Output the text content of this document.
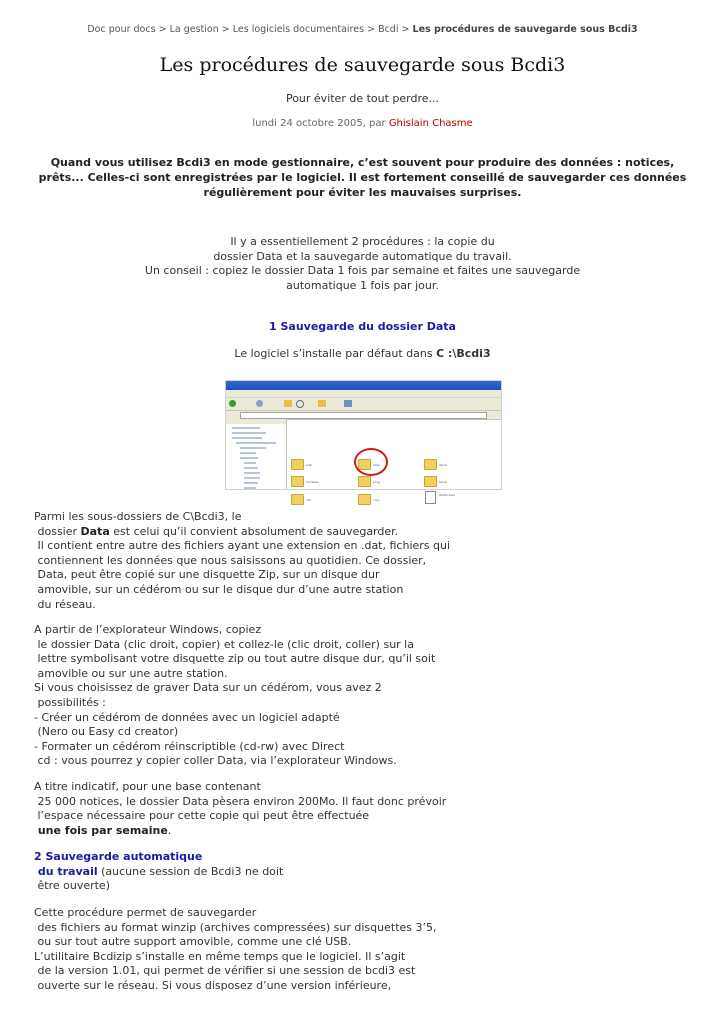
Doc pour docs > La gestion > Les logiciels documentaires > Bcdi > Les procédures de sauvegarde sous Bcdi3
Les procédures de sauvegarde sous Bcdi3
Pour éviter de tout perdre...
lundi 24 octobre 2005, par Ghislain Chasme
Quand vous utilisez Bcdi3 en mode gestionnaire, c’est souvent pour produire des données : notices, prêts... Celles-ci sont enregistrées par le logiciel. Il est fortement conseillé de sauvegarder ces données régulièrement pour éviter les mauvaises surprises.
Il y a essentiellement 2 procédures : la copie du
dossier Data et la sauvegarde automatique du travail.
Un conseil : copiez le dossier Data 1 fois par semaine et faites une sauvegarde
automatique 1 fois par jour.
1 Sauvegarde du dossier Data
Le logiciel s’installe par défaut dans C :\Bcdi3
adb	data	dems
modeles	prog	temp
util	vrac
Outils Ines
Parmi les sous-dossiers de C\Bcdi3, le
dossier Data est celui qu’il convient absolument de sauvegarder.
Il contient entre autre des fichiers ayant une extension en .dat, fichiers qui
contiennent les données que nous saisissons au quotidien. Ce dossier,
Data, peut être copié sur une disquette Zip, sur un disque dur
amovible, sur un cédérom ou sur le disque dur d’une autre station
du réseau.
A partir de l’explorateur Windows, copiez
le dossier Data (clic droit, copier) et collez-le (clic droit, coller) sur la
lettre symbolisant votre disquette zip ou tout autre disque dur, qu’il soit
amovible ou sur une autre station.
Si vous choisissez de graver Data sur un cédérom, vous avez 2
possibilités :
- Créer un cédérom de données avec un logiciel adapté
(Nero ou Easy cd creator)
- Formater un cédérom réinscriptible (cd-rw) avec Direct
cd : vous pourrez y copier coller Data, via l’explorateur Windows.
A titre indicatif, pour une base contenant
25 000 notices, le dossier Data pèsera environ 200Mo. Il faut donc prévoir
l’espace nécessaire pour cette copie qui peut être effectuée
une fois par semaine.
2 Sauvegarde automatique
du travail (aucune session de Bcdi3 ne doit
être ouverte)
Cette procédure permet de sauvegarder
des fichiers au format winzip (archives compressées) sur disquettes 3’5,
ou sur tout autre support amovible, comme une clé USB.
L’utilitaire Bcdizip s’installe en même temps que le logiciel. Il s’agit
de la version 1.01, qui permet de vérifier si une session de bcdi3 est
ouverte sur le réseau. Si vous disposez d’une version inférieure,
